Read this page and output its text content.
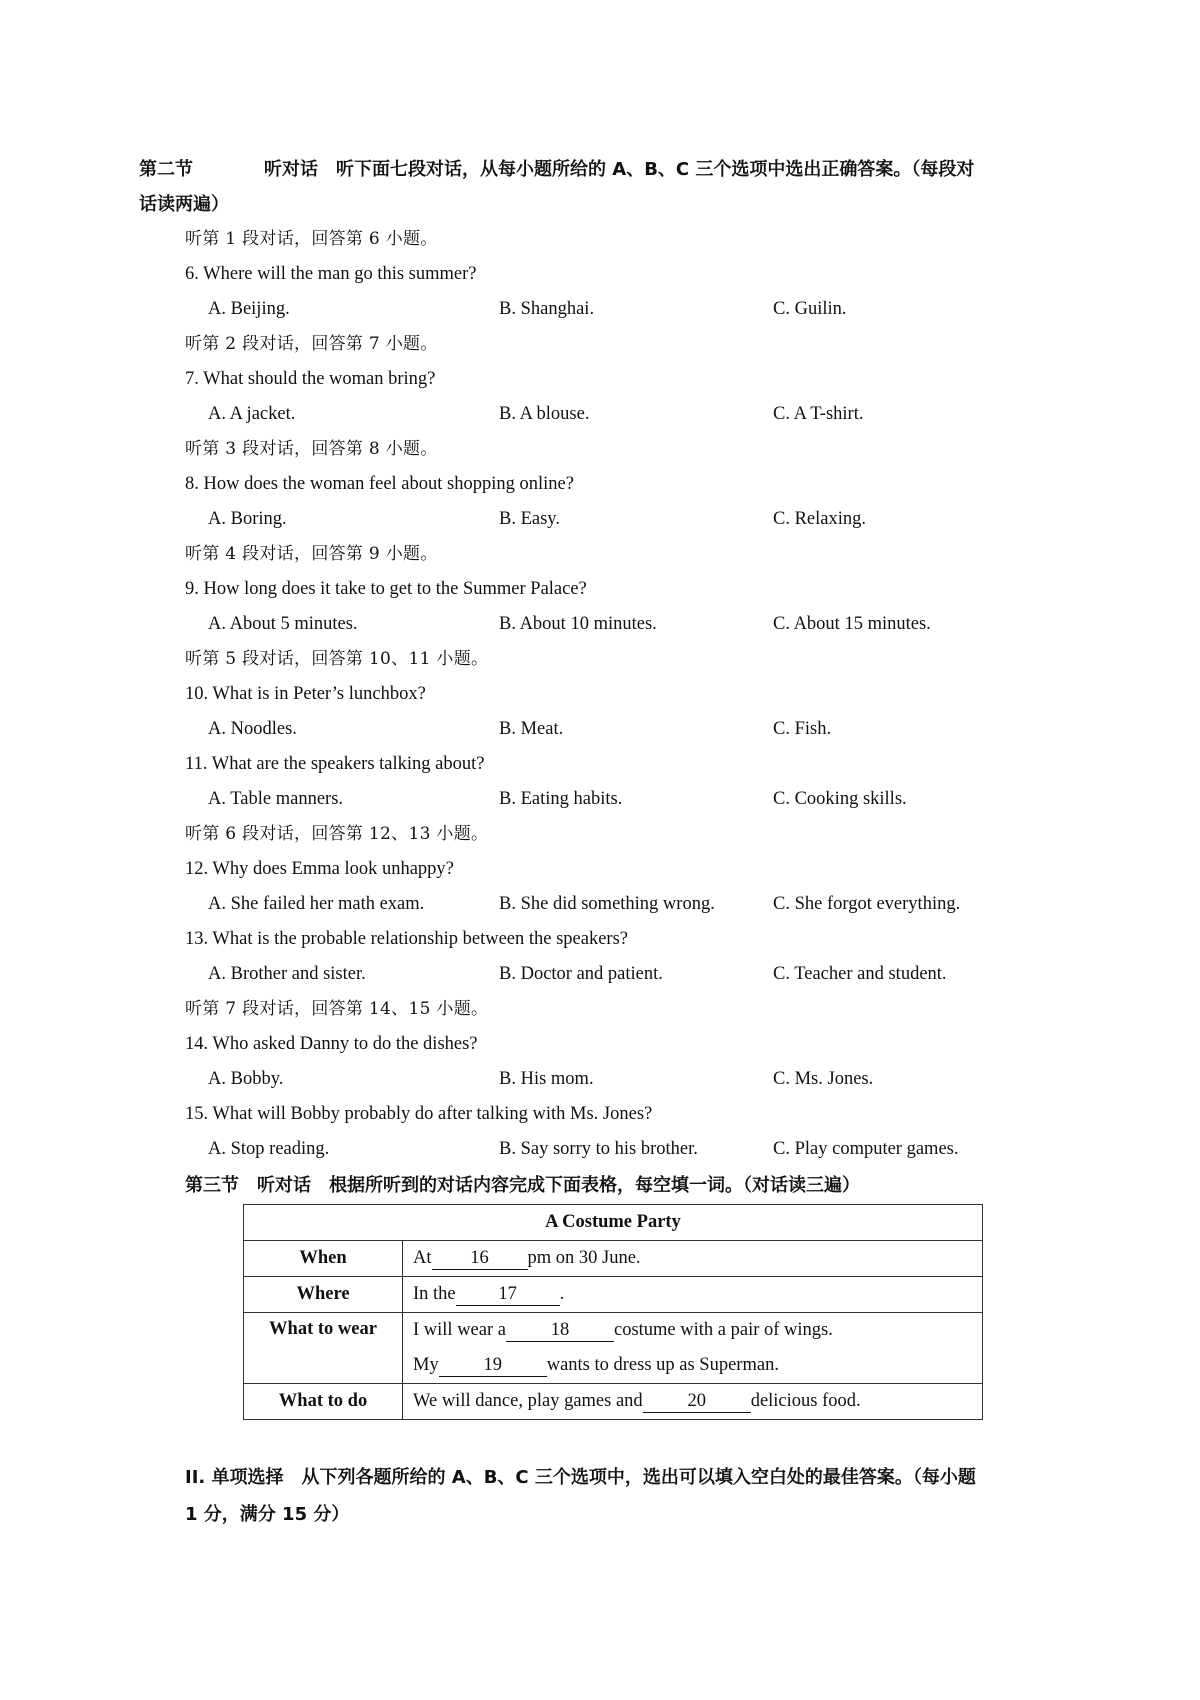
第二节	听对话　听下面七段对话，从每小题所给的 A、B、C 三个选项中选出正确答案。（每段对
话读两遍）
听第 1 段对话，回答第 6 小题。
6. Where will the man go this summer?
A. Beijing.	B. Shanghai.	C. Guilin.
听第 2 段对话，回答第 7 小题。
7. What should the woman bring?
A. A jacket.	B. A blouse.	C. A T-shirt.
听第 3 段对话，回答第 8 小题。
8. How does the woman feel about shopping online?
A. Boring.	B. Easy.	C. Relaxing.
听第 4 段对话，回答第 9 小题。
9. How long does it take to get to the Summer Palace?
A. About 5 minutes.	B. About 10 minutes.	C. About 15 minutes.
听第 5 段对话，回答第 10、11 小题。
10. What is in Peter’s lunchbox?
A. Noodles.	B. Meat.	C. Fish.
11. What are the speakers talking about?
A. Table manners.	B. Eating habits.	C. Cooking skills.
听第 6 段对话，回答第 12、13 小题。
12. Why does Emma look unhappy?
A. She failed her math exam.	B. She did something wrong.	C. She forgot everything.
13. What is the probable relationship between the speakers?
A. Brother and sister.	B. Doctor and patient.	C. Teacher and student.
听第 7 段对话，回答第 14、15 小题。
14. Who asked Danny to do the dishes?
A. Bobby.	B. His mom.	C. Ms. Jones.
15. What will Bobby probably do after talking with Ms. Jones?
A. Stop reading.	B. Say sorry to his brother.	C. Play computer games.
第三节　听对话　根据所听到的对话内容完成下面表格，每空填一词。（对话读三遍）
A Costume Party	
When	At 16 pm on 30 June.
Where	In the 17 .
What to wear	I will wear a 18 costume with a pair of wings.
My 19 wants to dress up as Superman.

What to do	We will dance, play games and 20 delicious food.
II. 单项选择　从下列各题所给的 A、B、C 三个选项中，选出可以填入空白处的最佳答案。（每小题
1 分，满分 15 分）
